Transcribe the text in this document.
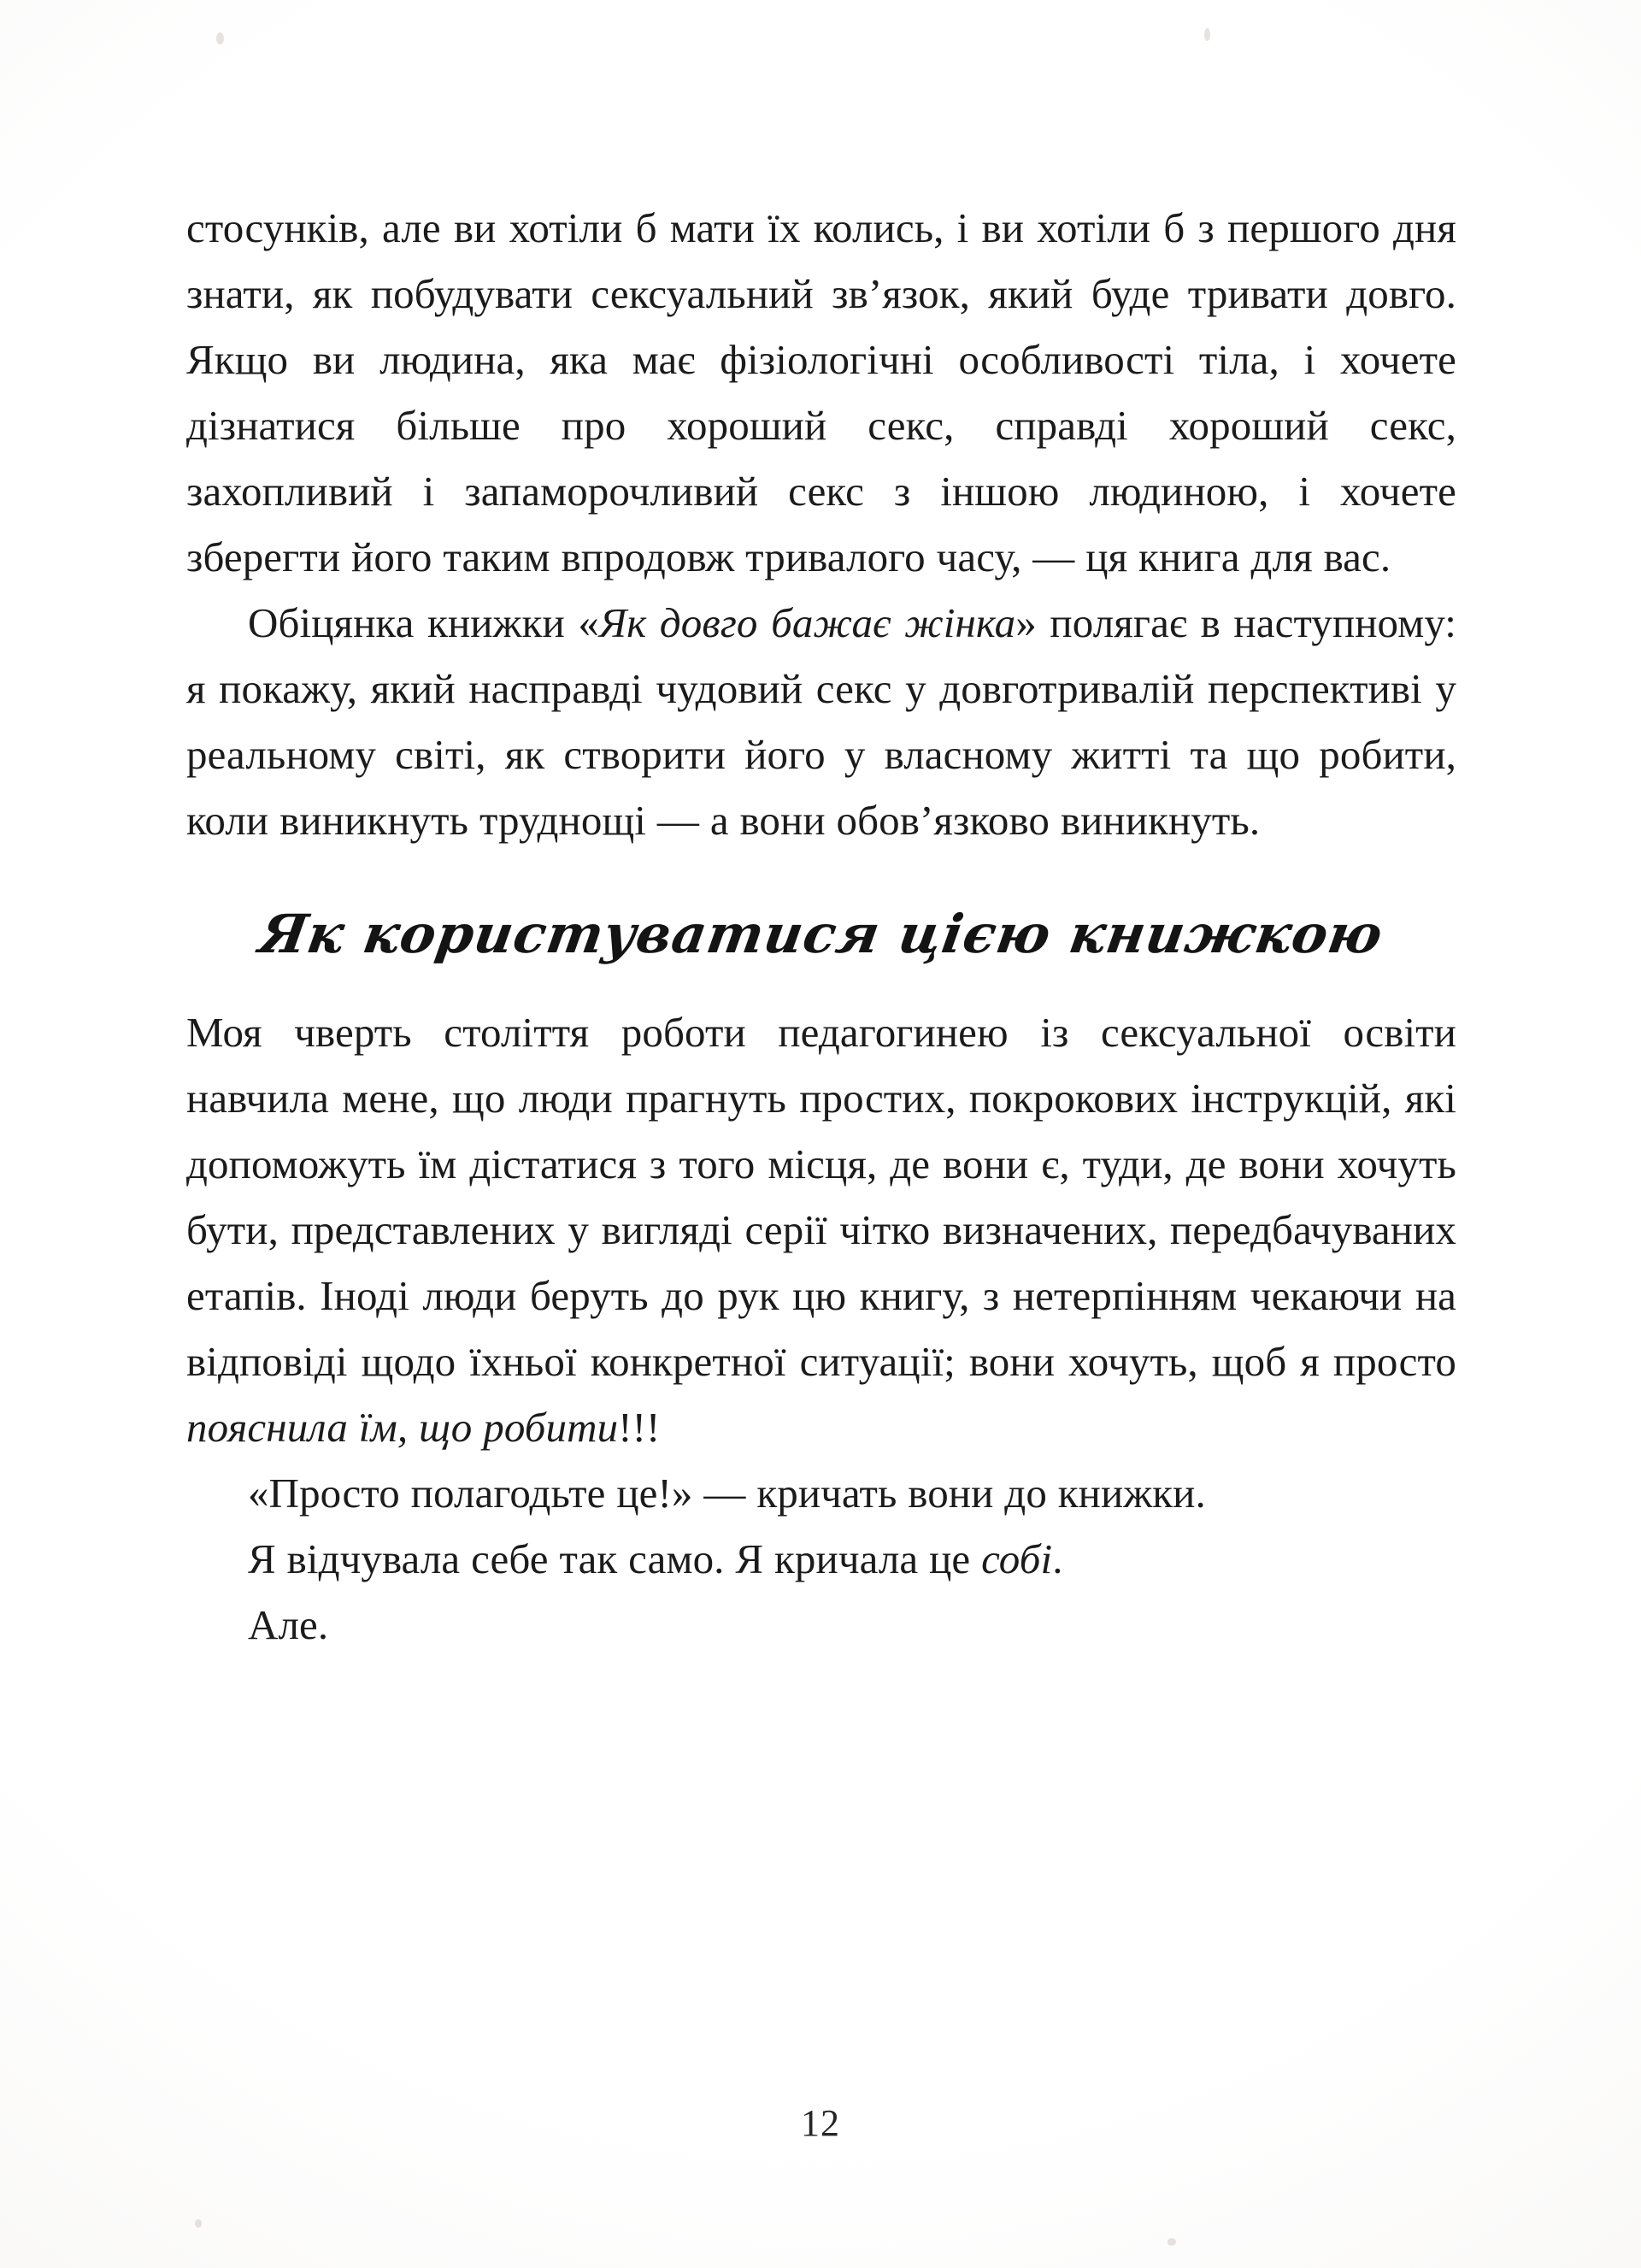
стосунків, але ви хотіли б мати їх колись, і ви хотіли б з першого дня знати, як побудувати сексуальний зв’язок, який буде тривати довго. Якщо ви людина, яка має фізіологічні особливості тіла, і хочете дізнатися більше про хороший секс, справді хороший секс, захопливий і запаморочливий секс з іншою людиною, і хочете зберегти його таким впродовж тривалого часу, — ця книга для вас.

Обіцянка книжки «Як довго бажає жінка» полягає в наступному: я покажу, який насправді чудовий секс у довготривалій перспективі у реальному світі, як створити його у власному житті та що робити, коли виникнуть труднощі — а вони обов’язково виникнуть.

Як користуватися цією книжкою

Моя чверть століття роботи педагогинею із сексуальної освіти навчила мене, що люди прагнуть простих, покрокових інструкцій, які допоможуть їм дістатися з того місця, де вони є, туди, де вони хочуть бути, представлених у вигляді серії чітко визначених, передбачуваних етапів. Іноді люди беруть до рук цю книгу, з нетерпінням чекаючи на відповіді щодо їхньої конкретної ситуації; вони хочуть, щоб я просто пояснила їм, що робити!!!

«Просто полагодьте це!» — кричать вони до книжки.

Я відчувала себе так само. Я кричала це собі.

Але.

12
